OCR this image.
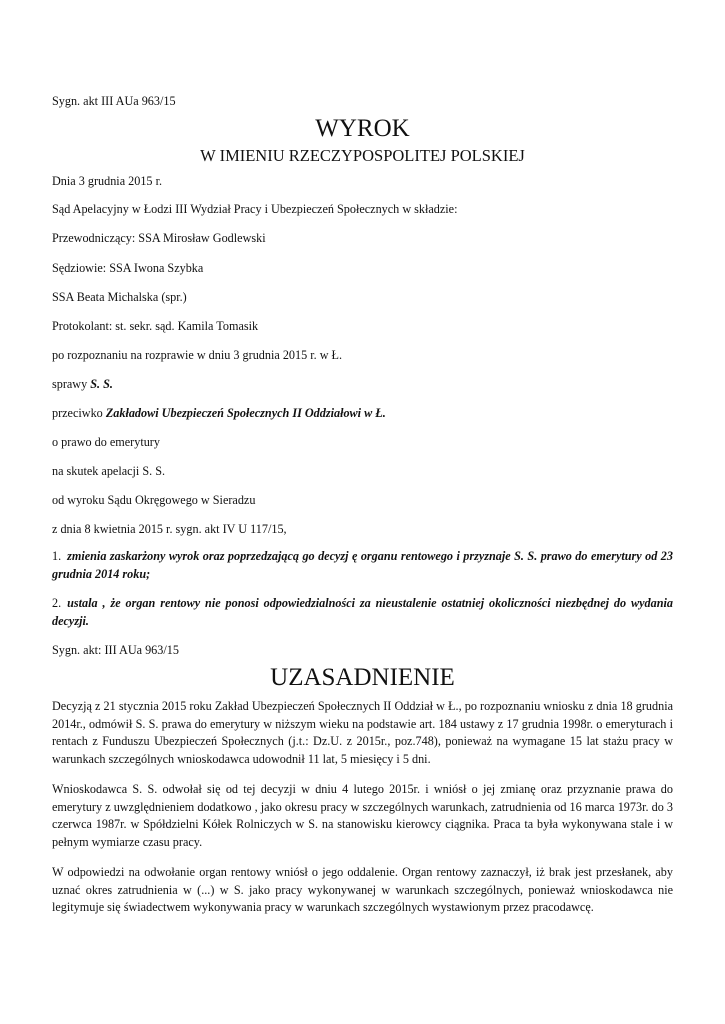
Sygn. akt III AUa 963/15
WYROK
W IMIENIU RZECZYPOSPOLITEJ POLSKIEJ
Dnia 3 grudnia 2015 r.
Sąd Apelacyjny w Łodzi III Wydział Pracy i Ubezpieczeń Społecznych w składzie:
Przewodniczący: SSA Mirosław Godlewski
Sędziowie: SSA Iwona Szybka
SSA Beata Michalska (spr.)
Protokolant: st. sekr. sąd. Kamila Tomasik
po rozpoznaniu na rozprawie w dniu 3 grudnia 2015 r. w Ł.
sprawy S. S.
przeciwko Zakładowi Ubezpieczeń Społecznych II Oddziałowi w Ł.
o prawo do emerytury
na skutek apelacji S. S.
od wyroku Sądu Okręgowego w Sieradzu
z dnia 8 kwietnia 2015 r. sygn. akt IV U 117/15,
1. zmienia zaskarżony wyrok oraz poprzedzającą go decyzj ę organu rentowego i przyznaje S. S. prawo do emerytury od 23 grudnia 2014 roku;
2. ustala , że organ rentowy nie ponosi odpowiedzialności za nieustalenie ostatniej okoliczności niezbędnej do wydania decyzji.
Sygn. akt: III AUa 963/15
UZASADNIENIE
Decyzją z 21 stycznia 2015 roku Zakład Ubezpieczeń Społecznych II Oddział w Ł., po rozpoznaniu wniosku z dnia 18 grudnia 2014r., odmówił S. S. prawa do emerytury w niższym wieku na podstawie art. 184 ustawy z 17 grudnia 1998r. o emeryturach i rentach z Funduszu Ubezpieczeń Społecznych (j.t.: Dz.U. z 2015r., poz.748), ponieważ na wymagane 15 lat stażu pracy w warunkach szczególnych wnioskodawca udowodnił 11 lat, 5 miesięcy i 5 dni.
Wnioskodawca S. S. odwołał się od tej decyzji w dniu 4 lutego 2015r. i wniósł o jej zmianę oraz przyznanie prawa do emerytury z uwzględnieniem dodatkowo , jako okresu pracy w szczególnych warunkach, zatrudnienia od 16 marca 1973r. do 3 czerwca 1987r. w Spółdzielni Kółek Rolniczych w S. na stanowisku kierowcy ciągnika. Praca ta była wykonywana stale i w pełnym wymiarze czasu pracy.
W odpowiedzi na odwołanie organ rentowy wniósł o jego oddalenie. Organ rentowy zaznaczył, iż brak jest przesłanek, aby uznać okres zatrudnienia w (...) w S. jako pracy wykonywanej w warunkach szczególnych, ponieważ wnioskodawca nie legitymuje się świadectwem wykonywania pracy w warunkach szczególnych wystawionym przez pracodawcę.
